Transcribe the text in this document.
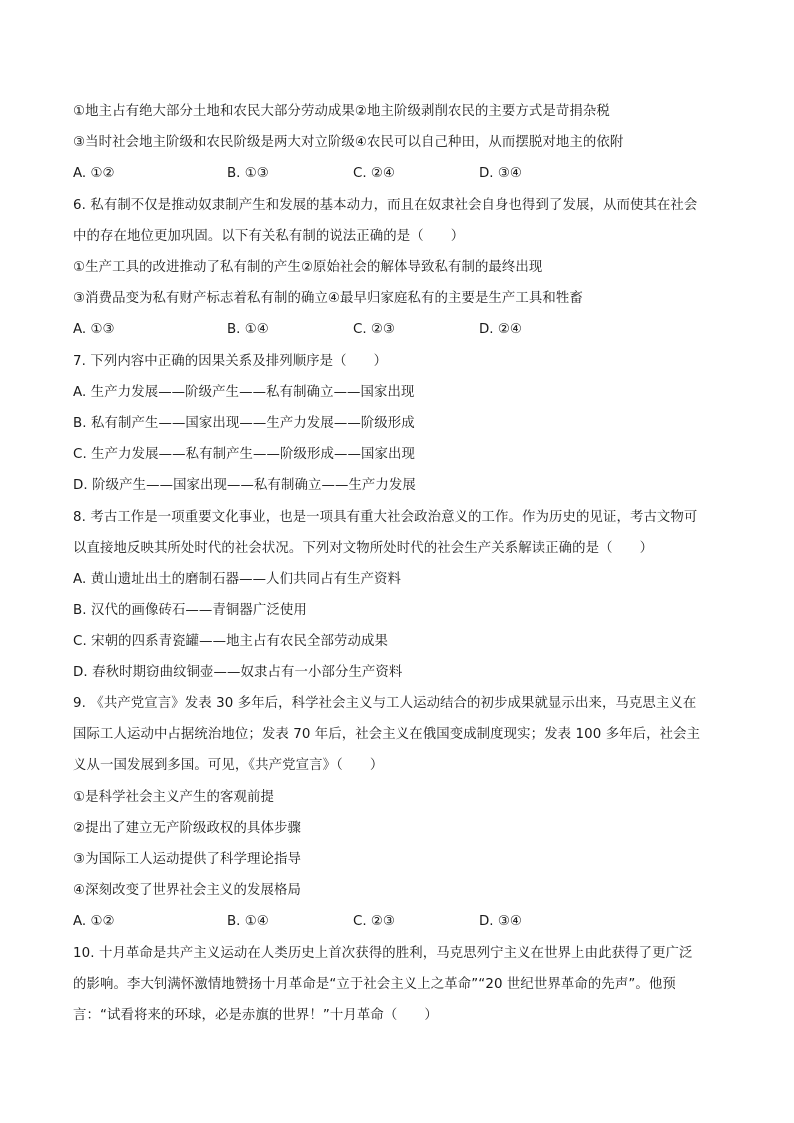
①地主占有绝大部分土地和农民大部分劳动成果②地主阶级剥削农民的主要方式是苛捐杂税
③当时社会地主阶级和农民阶级是两大对立阶级④农民可以自己种田，从而摆脱对地主的依附
A. ①②	B. ①③	C. ②④	D. ③④
6. 私有制不仅是推动奴隶制产生和发展的基本动力，而且在奴隶社会自身也得到了发展，从而使其在社会
中的存在地位更加巩固。以下有关私有制的说法正确的是（　　）
①生产工具的改进推动了私有制的产生②原始社会的解体导致私有制的最终出现
③消费品变为私有财产标志着私有制的确立④最早归家庭私有的主要是生产工具和牲畜
A. ①③	B. ①④	C. ②③	D. ②④
7. 下列内容中正确的因果关系及排列顺序是（　　）
A. 生产力发展——阶级产生——私有制确立——国家出现
B. 私有制产生——国家出现——生产力发展——阶级形成
C. 生产力发展——私有制产生——阶级形成——国家出现
D. 阶级产生——国家出现——私有制确立——生产力发展
8. 考古工作是一项重要文化事业，也是一项具有重大社会政治意义的工作。作为历史的见证，考古文物可
以直接地反映其所处时代的社会状况。下列对文物所处时代的社会生产关系解读正确的是（　　）
A. 黄山遗址出土的磨制石器——人们共同占有生产资料
B. 汉代的画像砖石——青铜器广泛使用
C. 宋朝的四系青瓷罐——地主占有农民全部劳动成果
D. 春秋时期窃曲纹铜壶——奴隶占有一小部分生产资料
9. 《共产党宣言》发表 30 多年后，科学社会主义与工人运动结合的初步成果就显示出来，马克思主义在
国际工人运动中占据统治地位；发表 70 年后，社会主义在俄国变成制度现实；发表 100 多年后，社会主
义从一国发展到多国。可见，《共产党宣言》（　　）
①是科学社会主义产生的客观前提
②提出了建立无产阶级政权的具体步骤
③为国际工人运动提供了科学理论指导
④深刻改变了世界社会主义的发展格局
A. ①②	B. ①④	C. ②③	D. ③④
10. 十月革命是共产主义运动在人类历史上首次获得的胜利，马克思列宁主义在世界上由此获得了更广泛
的影响。李大钊满怀激情地赞扬十月革命是“立于社会主义上之革命”“20 世纪世界革命的先声”。他预
言：“试看将来的环球，必是赤旗的世界！”十月革命（　　）
